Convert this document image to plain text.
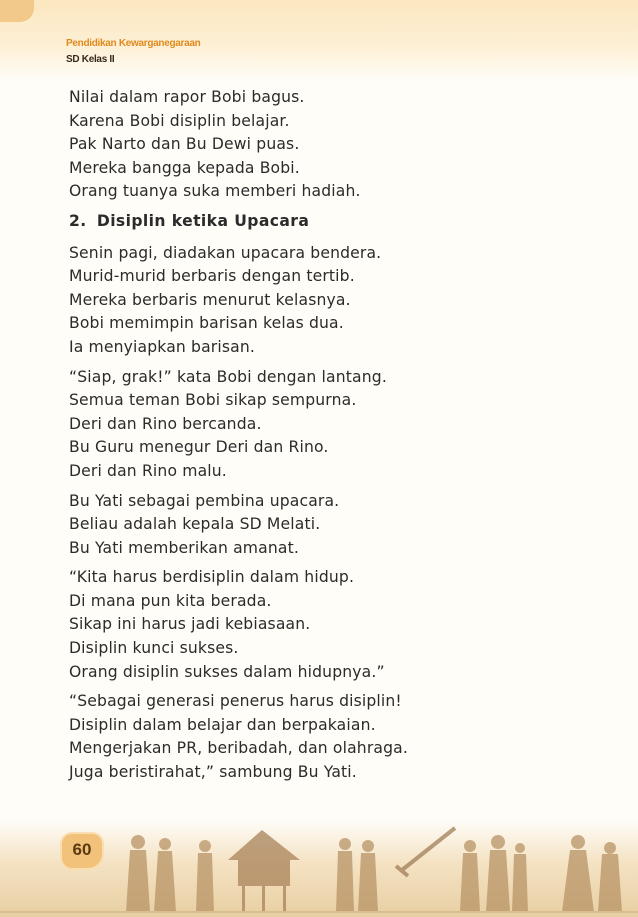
Pendidikan Kewarganegaraan
SD Kelas II
Nilai dalam rapor Bobi bagus.
Karena Bobi disiplin belajar.
Pak Narto dan Bu Dewi puas.
Mereka bangga kepada Bobi.
Orang tuanya suka memberi hadiah.
2. Disiplin ketika Upacara
Senin pagi, diadakan upacara bendera.
Murid-murid berbaris dengan tertib.
Mereka berbaris menurut kelasnya.
Bobi memimpin barisan kelas dua.
Ia menyiapkan barisan.
“Siap, grak!” kata Bobi dengan lantang.
Semua teman Bobi sikap sempurna.
Deri dan Rino bercanda.
Bu Guru menegur Deri dan Rino.
Deri dan Rino malu.
Bu Yati sebagai pembina upacara.
Beliau adalah kepala SD Melati.
Bu Yati memberikan amanat.
“Kita harus berdisiplin dalam hidup.
Di mana pun kita berada.
Sikap ini harus jadi kebiasaan.
Disiplin kunci sukses.
Orang disiplin sukses dalam hidupnya.”
“Sebagai generasi penerus harus disiplin!
Disiplin dalam belajar dan berpakaian.
Mengerjakan PR, beribadah, dan olahraga.
Juga beristirahat,” sambung Bu Yati.
60
